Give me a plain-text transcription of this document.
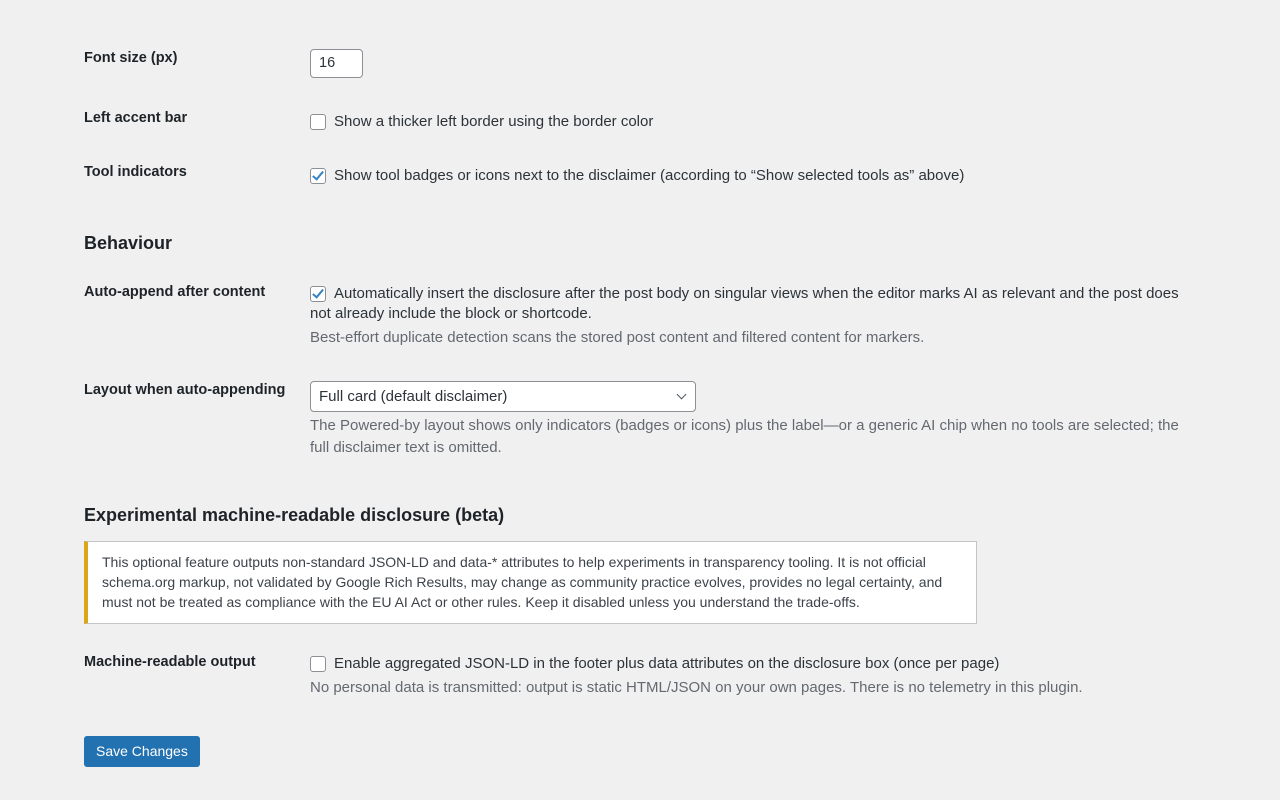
Font size (px)	16
Left accent bar	Show a thicker left border using the border color
Tool indicators	Show tool badges or icons next to the disclaimer (according to “Show selected tools as” above)
Behaviour
Auto-append after content	Automatically insert the disclosure after the post body on singular views when the editor marks AI as relevant and the post does not already include the block or shortcode.
Best-effort duplicate detection scans the stored post content and filtered content for markers.
Layout when auto-appending	Full card (default disclaimer)
The Powered-by layout shows only indicators (badges or icons) plus the label—or a generic AI chip when no tools are selected; the full disclaimer text is omitted.
Experimental machine-readable disclosure (beta)
This optional feature outputs non-standard JSON-LD and data-* attributes to help experiments in transparency tooling. It is not official schema.org markup, not validated by Google Rich Results, may change as community practice evolves, provides no legal certainty, and must not be treated as compliance with the EU AI Act or other rules. Keep it disabled unless you understand the trade-offs.
Machine-readable output	Enable aggregated JSON-LD in the footer plus data attributes on the disclosure box (once per page)
No personal data is transmitted: output is static HTML/JSON on your own pages. There is no telemetry in this plugin.
Save Changes
